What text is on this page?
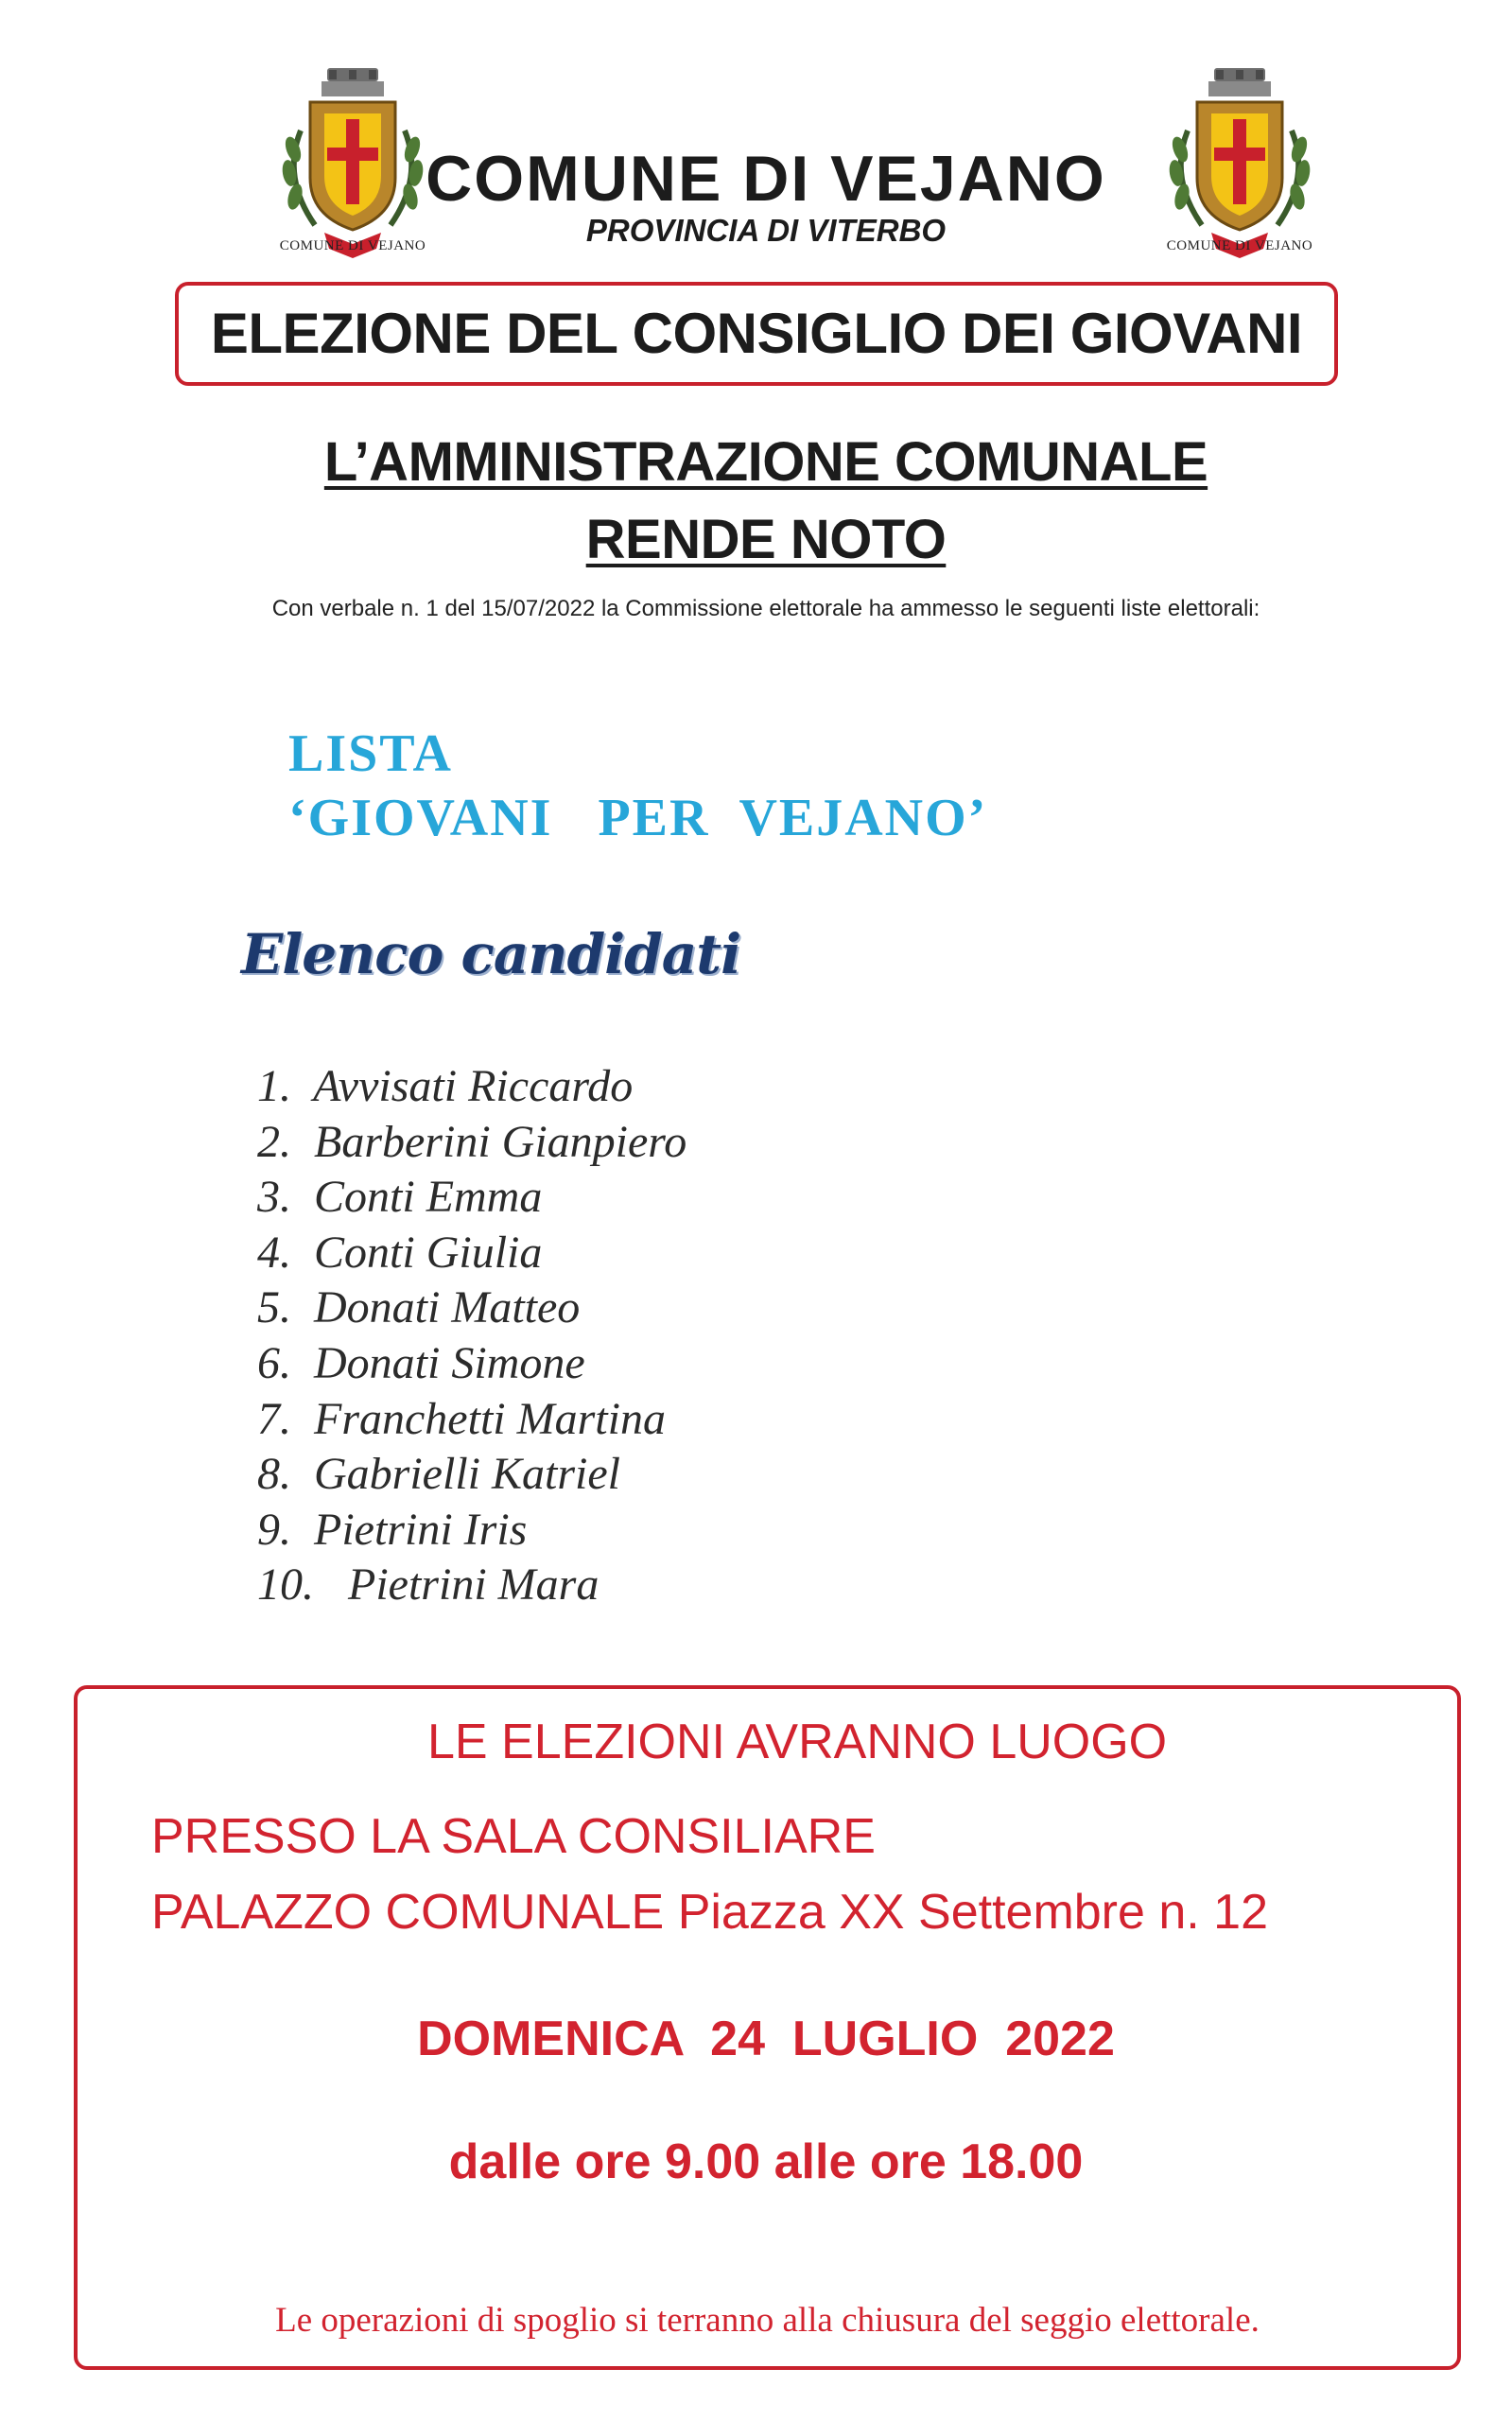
COMUNE DI VEJANO	COMUNE DI VEJANO
COMUNE DI VEJANO
PROVINCIA DI VITERBO
ELEZIONE DEL CONSIGLIO DEI GIOVANI
L’AMMINISTRAZIONE COMUNALE
RENDE NOTO
Con verbale n. 1 del 15/07/2022 la Commissione elettorale ha ammesso le seguenti liste elettorali:
LISTA
‘GIOVANI   PER  VEJANO’
Elenco candidati
1.  Avvisati Riccardo
2.  Barberini Gianpiero
3.  Conti Emma
4.  Conti Giulia
5.  Donati Matteo
6.  Donati Simone
7.  Franchetti Martina
8.  Gabrielli Katriel
9.  Pietrini Iris
10.   Pietrini Mara
LE ELEZIONI AVRANNO LUOGO
PRESSO LA SALA CONSILIARE
PALAZZO COMUNALE Piazza XX Settembre n. 12
DOMENICA  24  LUGLIO  2022
dalle ore 9.00 alle ore 18.00
Le operazioni di spoglio si terranno alla chiusura del seggio elettorale.
